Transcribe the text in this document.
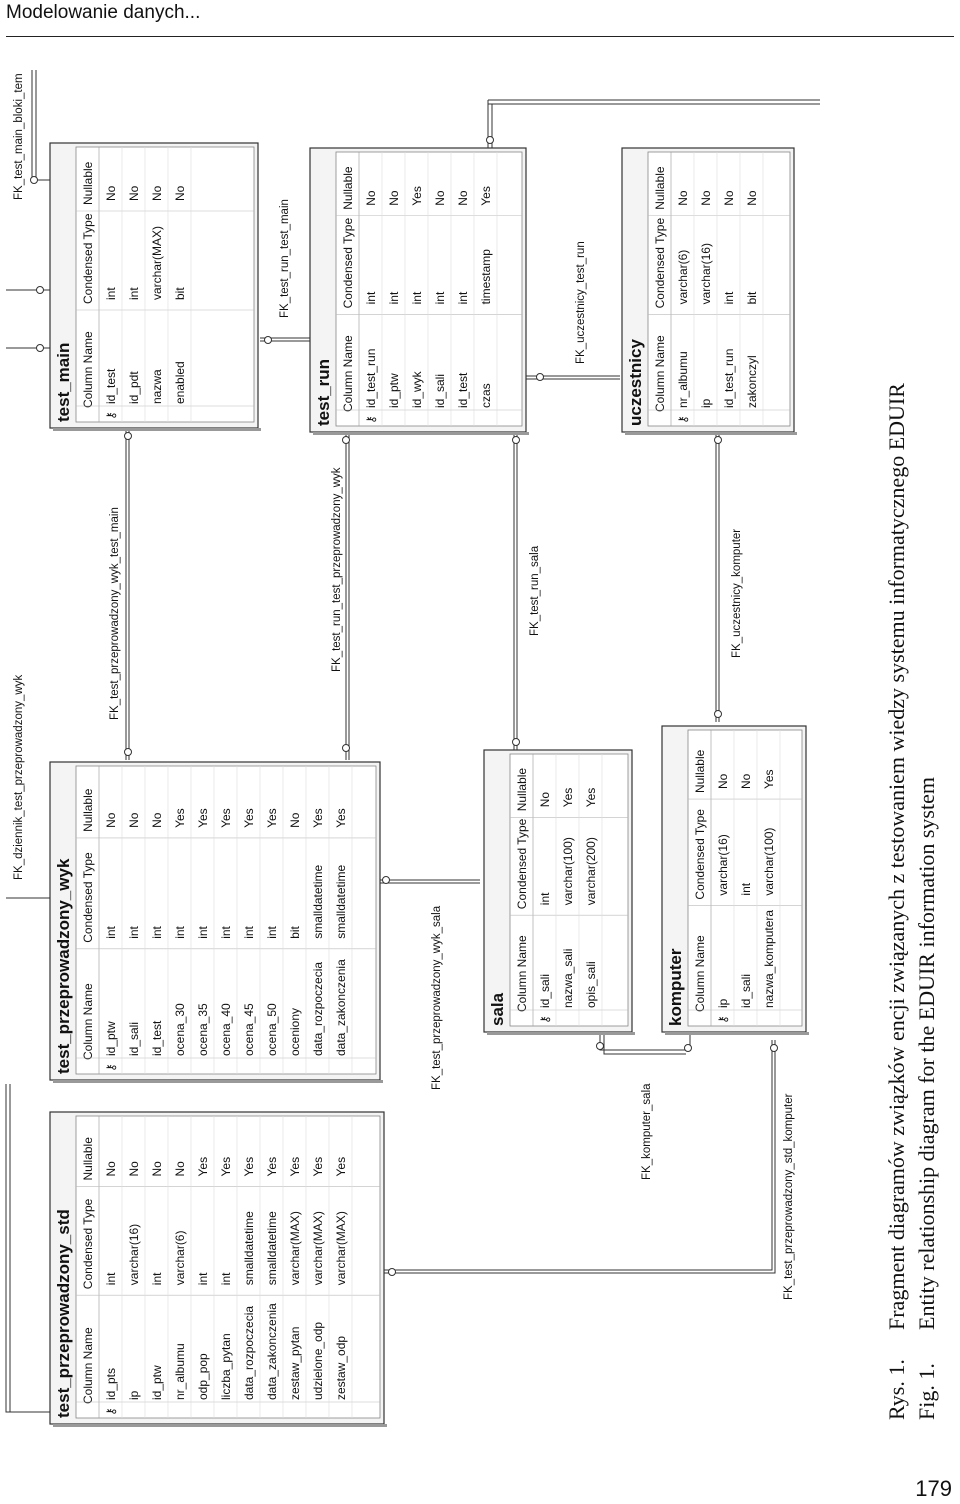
Modelowanie danych...
test_main Column Name
Condensed Type
Nullable
⚷
id_test
int
No
id_pdt
int
No
nazwa
varchar(MAX)
No
enabled
bit
No
test_run Column Name
Condensed Type
Nullable
⚷
id_test_run
int
No
id_ptw
int
No
id_wyk
int
Yes
id_sali
int
No
id_test
int
No
czas
timestamp
Yes
uczestnicy Column Name
Condensed Type
Nullable
⚷
nr_albumu
varchar(6)
No
ip
varchar(16)
No
id_test_run
int
No
zakonczyl
bit
No
test_przeprowadzony_wyk Column Name
Condensed Type
Nullable
⚷
id_ptw
int
No
id_sali
int
No
id_test
int
No
ocena_30
int
Yes
ocena_35
int
Yes
ocena_40
int
Yes
ocena_45
int
Yes
ocena_50
int
Yes
oceniony
bit
No
data_rozpoczecia
smalldatetime
Yes
data_zakonczenia
smalldatetime
Yes
sala Column Name
Condensed Type
Nullable
⚷
id_sali
int
No
nazwa_sali
varchar(100)
Yes
opis_sali
varchar(200)
Yes
komputer Column Name
Condensed Type
Nullable
⚷
ip
varchar(16)
No
id_sali
int
No
nazwa_komputera
varchar(100)
Yes
test_przeprowadzony_std Column Name
Condensed Type
Nullable
⚷
id_pts
int
No
ip
varchar(16)
No
id_ptw
int
No
nr_albumu
varchar(6)
No
odp_pop
int
Yes
liczba_pytan
int
Yes
data_rozpoczecia
smalldatetime
Yes
data_zakonczenia
smalldatetime
Yes
zestaw_pytan
varchar(MAX)
Yes
udzielone_odp
varchar(MAX)
Yes
zestaw_odp
varchar(MAX)
Yes
FK_test_main_bloki_tem
FK_test_przeprowadzony_wyk_test_main
FK_test_run_test_main
FK_dziennik_test_przeprowadzony_wyk
FK_test_run_test_przeprowadzony_wyk	FK_test_run_sala
FK_uczestnicy_test_run
FK_uczestnicy_komputer
FK_test_przeprowadzony_wyk_sala
FK_komputer_sala	FK_test_przeprowadzony_std_komputer
Rys. 1.
Fragment diagramów związków encji związanych z testowaniem wiedzy systemu informatycznego EDUIR
Fig. 1.
Entity relationship diagram for the EDUIR information system
179
